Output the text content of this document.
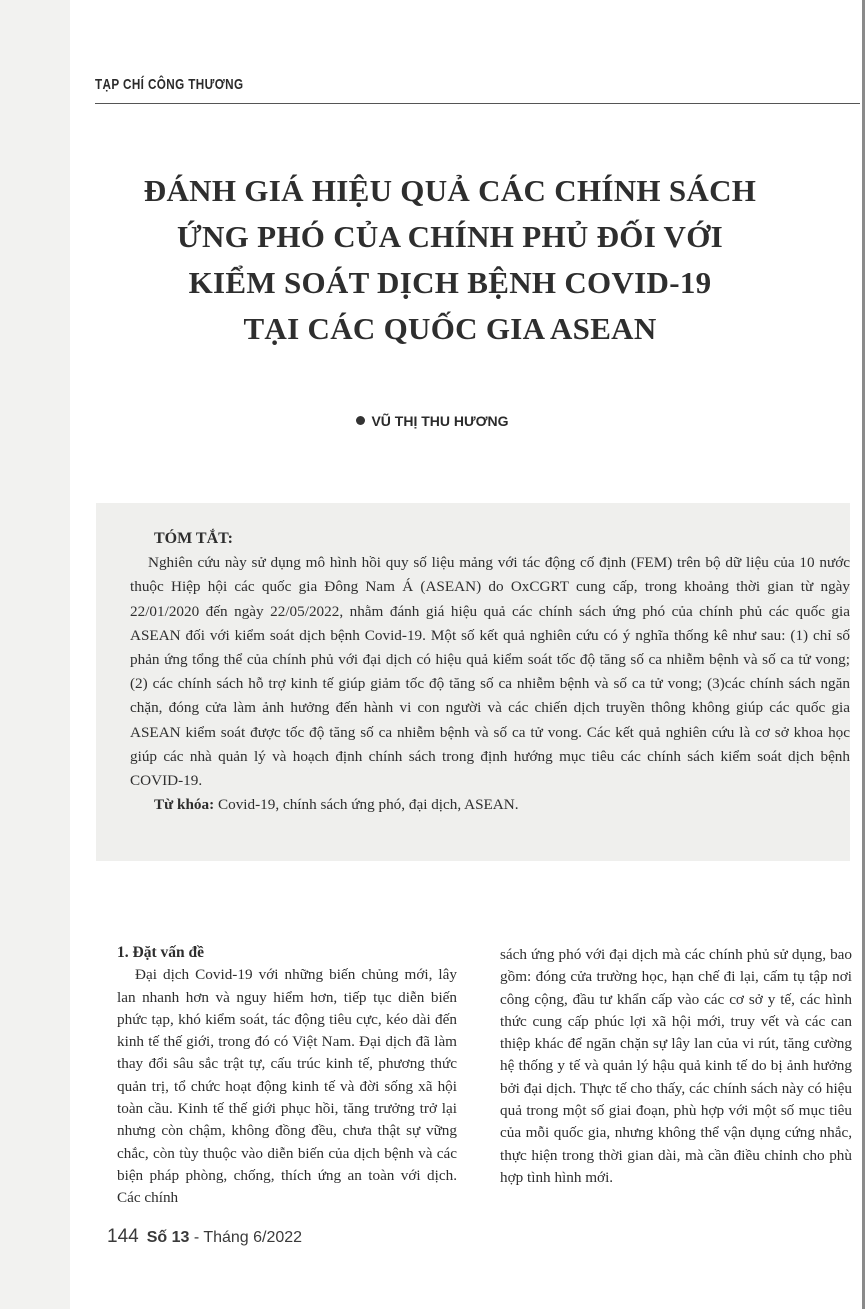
TẠP CHÍ CÔNG THƯƠNG
ĐÁNH GIÁ HIỆU QUẢ CÁC CHÍNH SÁCH
ỨNG PHÓ CỦA CHÍNH PHỦ ĐỐI VỚI
KIỂM SOÁT DỊCH BỆNH COVID-19
TẠI CÁC QUỐC GIA ASEAN
VŨ THỊ THU HƯƠNG
TÓM TẮT:

Nghiên cứu này sử dụng mô hình hồi quy số liệu mảng với tác động cố định (FEM) trên bộ dữ liệu của 10 nước thuộc Hiệp hội các quốc gia Đông Nam Á (ASEAN) do OxCGRT cung cấp, trong khoảng thời gian từ ngày 22/01/2020 đến ngày 22/05/2022, nhằm đánh giá hiệu quả các chính sách ứng phó của chính phủ các quốc gia ASEAN đối với kiểm soát dịch bệnh Covid-19. Một số kết quả nghiên cứu có ý nghĩa thống kê như sau: (1) chỉ số phản ứng tổng thể của chính phủ với đại dịch có hiệu quả kiểm soát tốc độ tăng số ca nhiễm bệnh và số ca tử vong; (2) các chính sách hỗ trợ kinh tế giúp giảm tốc độ tăng số ca nhiễm bệnh và số ca tử vong; (3)các chính sách ngăn chặn, đóng cửa làm ảnh hưởng đến hành vi con người và các chiến dịch truyền thông không giúp các quốc gia ASEAN kiểm soát được tốc độ tăng số ca nhiễm bệnh và số ca tử vong. Các kết quả nghiên cứu là cơ sở khoa học giúp các nhà quản lý và hoạch định chính sách trong định hướng mục tiêu các chính sách kiểm soát dịch bệnh COVID-19.

Từ khóa: Covid-19, chính sách ứng phó, đại dịch, ASEAN.

1. Đặt vấn đề

Đại dịch Covid-19 với những biến chủng mới, lây lan nhanh hơn và nguy hiểm hơn, tiếp tục diễn biến phức tạp, khó kiểm soát, tác động tiêu cực, kéo dài đến kinh tế thế giới, trong đó có Việt Nam. Đại dịch đã làm thay đổi sâu sắc trật tự, cấu trúc kinh tế, phương thức quản trị, tổ chức hoạt động kinh tế và đời sống xã hội toàn cầu. Kinh tế thế giới phục hồi, tăng trưởng trở lại nhưng còn chậm, không đồng đều, chưa thật sự vững chắc, còn tùy thuộc vào diễn biến của dịch bệnh và các biện pháp phòng, chống, thích ứng an toàn với dịch. Các chính

sách ứng phó với đại dịch mà các chính phủ sử dụng, bao gồm: đóng cửa trường học, hạn chế đi lại, cấm tụ tập nơi công cộng, đầu tư khẩn cấp vào các cơ sở y tế, các hình thức cung cấp phúc lợi xã hội mới, truy vết và các can thiệp khác để ngăn chặn sự lây lan của vi rút, tăng cường hệ thống y tế và quản lý hậu quả kinh tế do bị ảnh hưởng bởi đại dịch. Thực tế cho thấy, các chính sách này có hiệu quả trong một số giai đoạn, phù hợp với một số mục tiêu của mỗi quốc gia, nhưng không thể vận dụng cứng nhắc, thực hiện trong thời gian dài, mà cần điều chỉnh cho phù hợp tình hình mới.

144 Số 13 - Tháng 6/2022
